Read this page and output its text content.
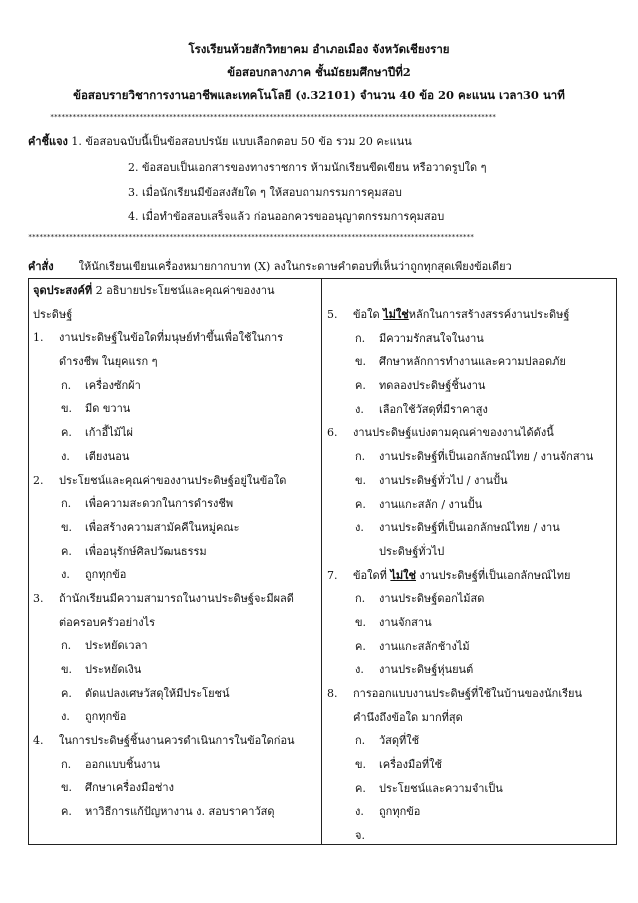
โรงเรียนห้วยสักวิทยาคม อำเภอเมือง จังหวัดเชียงราย
ข้อสอบกลางภาค ชั้นมัธยมศึกษาปีที่2
ข้อสอบรายวิชาการงานอาชีพและเทคโนโลยี (ง.32101) จำนวน 40 ข้อ 20 คะแนน เวลา30 นาที
************************************************************************************************************************
คำชี้แจง 1. ข้อสอบฉบับนี้เป็นข้อสอบปรนัย แบบเลือกตอบ 50 ข้อ รวม 20 คะแนน
2. ข้อสอบเป็นเอกสารของทางราชการ ห้ามนักเรียนขีดเขียน หรือวาดรูปใด ๆ
3. เมื่อนักเรียนมีข้อสงสัยใด ๆ ให้สอบถามกรรมการคุมสอบ
4. เมื่อทำข้อสอบเสร็จแล้ว ก่อนออกควรขออนุญาตกรรมการคุมสอบ
************************************************************************************************************************
คำสั่ง ให้นักเรียนเขียนเครื่องหมายกากบาท (X) ลงในกระดาษคำตอบที่เห็นว่าถูกทุกสุดเพียงข้อเดียว
จุดประสงค์ที่ 2 อธิบายประโยชน์และคุณค่าของงาน
ประดิษฐ์
1. งานประดิษฐ์ในข้อใดที่มนุษย์ทำขึ้นเพื่อใช้ในการ
ดำรงชีพ ในยุคแรก ๆ
ก. เครื่องซักผ้า
ข. มีด ขวาน
ค. เก้าอี้ไม้ไผ่
ง. เตียงนอน
2. ประโยชน์และคุณค่าของงานประดิษฐ์อยู่ในข้อใด
ก. เพื่อความสะดวกในการดำรงชีพ
ข. เพื่อสร้างความสามัคคีในหมู่คณะ
ค. เพื่ออนุรักษ์ศิลปวัฒนธรรม
ง. ถูกทุกข้อ
3. ถ้านักเรียนมีความสามารถในงานประดิษฐ์จะมีผลดี
ต่อครอบครัวอย่างไร
ก. ประหยัดเวลา
ข. ประหยัดเงิน
ค. ดัดแปลงเศษวัสดุให้มีประโยชน์
ง. ถูกทุกข้อ
4. ในการประดิษฐ์ชิ้นงานควรดำเนินการในข้อใดก่อน
ก. ออกแบบชิ้นงาน
ข. ศึกษาเครื่องมือช่าง
ค. หาวิธีการแก้ปัญหางาน ง. สอบราคาวัสดุ
5. ข้อใด ไม่ใช่หลักในการสร้างสรรค์งานประดิษฐ์
ก. มีความรักสนใจในงาน
ข. ศึกษาหลักการทำงานและความปลอดภัย
ค. ทดลองประดิษฐ์ชิ้นงาน
ง. เลือกใช้วัสดุที่มีราคาสูง
6. งานประดิษฐ์แบ่งตามคุณค่าของงานได้ดังนี้
ก. งานประดิษฐ์ที่เป็นเอกลักษณ์ไทย / งานจักสาน
ข. งานประดิษฐ์ทั่วไป / งานปั้น
ค. งานแกะสลัก / งานปั้น
ง. งานประดิษฐ์ที่เป็นเอกลักษณ์ไทย / งาน
ประดิษฐ์ทั่วไป
7. ข้อใดที่ ไม่ใช่ งานประดิษฐ์ที่เป็นเอกลักษณ์ไทย
ก. งานประดิษฐ์ดอกไม้สด
ข. งานจักสาน
ค. งานแกะสลักช้างไม้
ง. งานประดิษฐ์หุ่นยนต์
8. การออกแบบงานประดิษฐ์ที่ใช้ในบ้านของนักเรียน
คำนึงถึงข้อใด มากที่สุด
ก. วัสดุที่ใช้
ข. เครื่องมือที่ใช้
ค. ประโยชน์และความจำเป็น
ง. ถูกทุกข้อ
จ.
